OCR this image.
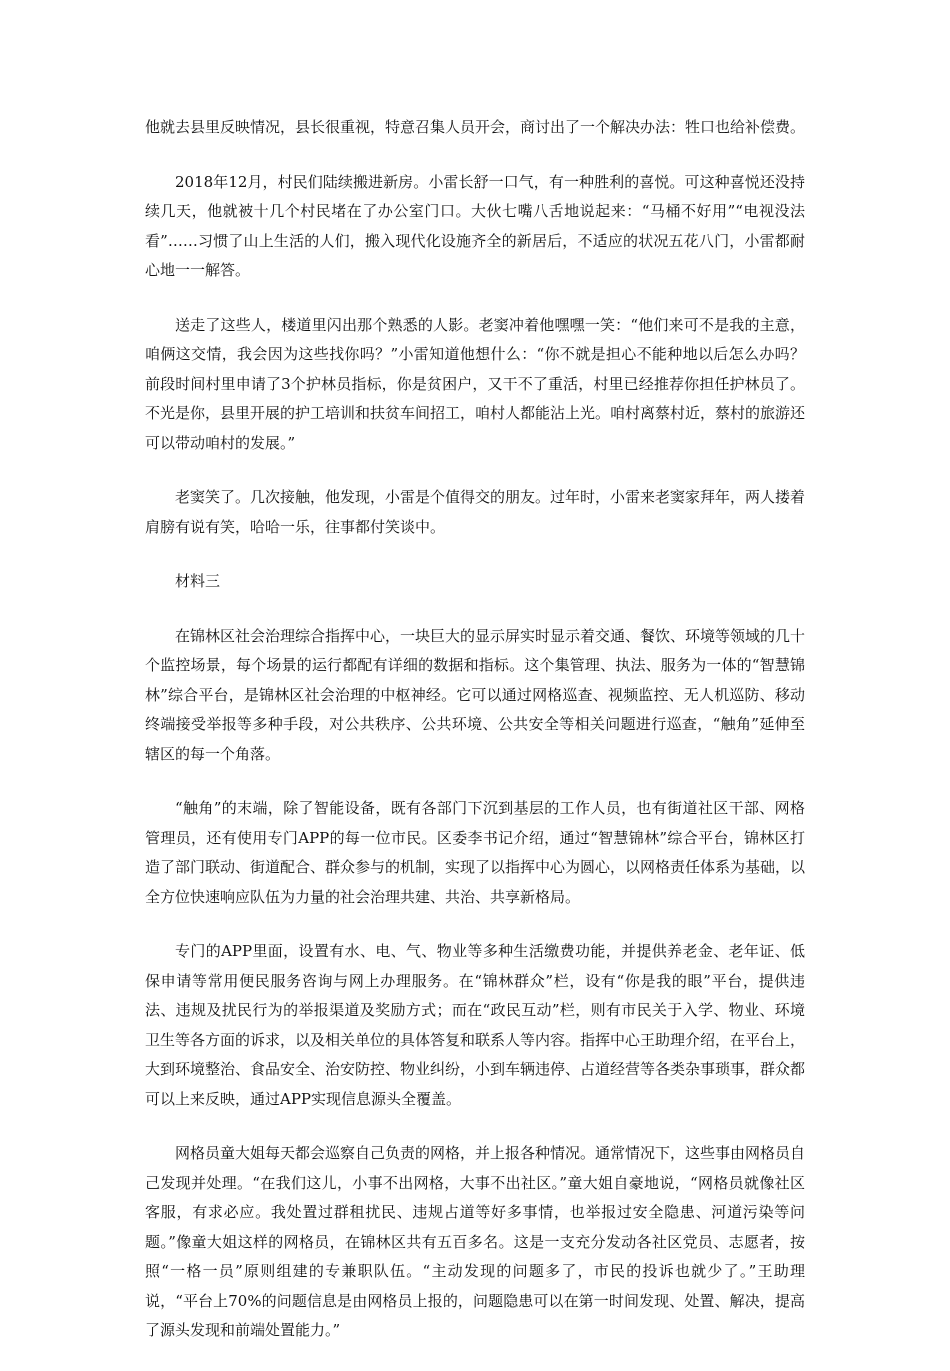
他就去县里反映情况，县长很重视，特意召集人员开会，商讨出了一个解决办法：牲口也给补偿费。

2018年12月，村民们陆续搬进新房。小雷长舒一口气，有一种胜利的喜悦。可这种喜悦还没持续几天，他就被十几个村民堵在了办公室门口。大伙七嘴八舌地说起来：“马桶不好用”“电视没法看”……习惯了山上生活的人们，搬入现代化设施齐全的新居后，不适应的状况五花八门，小雷都耐心地一一解答。

送走了这些人，楼道里闪出那个熟悉的人影。老窦冲着他嘿嘿一笑：“他们来可不是我的主意，咱俩这交情，我会因为这些找你吗？”小雷知道他想什么：“你不就是担心不能种地以后怎么办吗？前段时间村里申请了3个护林员指标，你是贫困户，又干不了重活，村里已经推荐你担任护林员了。不光是你，县里开展的护工培训和扶贫车间招工，咱村人都能沾上光。咱村离蔡村近，蔡村的旅游还可以带动咱村的发展。”

老窦笑了。几次接触，他发现，小雷是个值得交的朋友。过年时，小雷来老窦家拜年，两人搂着肩膀有说有笑，哈哈一乐，往事都付笑谈中。

材料三

在锦林区社会治理综合指挥中心，一块巨大的显示屏实时显示着交通、餐饮、环境等领域的几十个监控场景，每个场景的运行都配有详细的数据和指标。这个集管理、执法、服务为一体的“智慧锦林”综合平台，是锦林区社会治理的中枢神经。它可以通过网格巡查、视频监控、无人机巡防、移动终端接受举报等多种手段，对公共秩序、公共环境、公共安全等相关问题进行巡查，“触角”延伸至辖区的每一个角落。

“触角”的末端，除了智能设备，既有各部门下沉到基层的工作人员，也有街道社区干部、网格管理员，还有使用专门APP的每一位市民。区委李书记介绍，通过“智慧锦林”综合平台，锦林区打造了部门联动、街道配合、群众参与的机制，实现了以指挥中心为圆心，以网格责任体系为基础，以全方位快速响应队伍为力量的社会治理共建、共治、共享新格局。

专门的APP里面，设置有水、电、气、物业等多种生活缴费功能，并提供养老金、老年证、低保申请等常用便民服务咨询与网上办理服务。在“锦林群众”栏，设有“你是我的眼”平台，提供违法、违规及扰民行为的举报渠道及奖励方式；而在“政民互动”栏，则有市民关于入学、物业、环境卫生等各方面的诉求，以及相关单位的具体答复和联系人等内容。指挥中心王助理介绍，在平台上，大到环境整治、食品安全、治安防控、物业纠纷，小到车辆违停、占道经营等各类杂事琐事，群众都可以上来反映，通过APP实现信息源头全覆盖。

网格员童大姐每天都会巡察自己负责的网格，并上报各种情况。通常情况下，这些事由网格员自己发现并处理。“在我们这儿，小事不出网格，大事不出社区。”童大姐自豪地说，“网格员就像社区客服，有求必应。我处置过群租扰民、违规占道等好多事情，也举报过安全隐患、河道污染等问题。”像童大姐这样的网格员，在锦林区共有五百多名。这是一支充分发动各社区党员、志愿者，按照“一格一员”原则组建的专兼职队伍。“主动发现的问题多了，市民的投诉也就少了。”王助理说，“平台上70%的问题信息是由网格员上报的，问题隐患可以在第一时间发现、处置、解决，提高了源头发现和前端处置能力。”
